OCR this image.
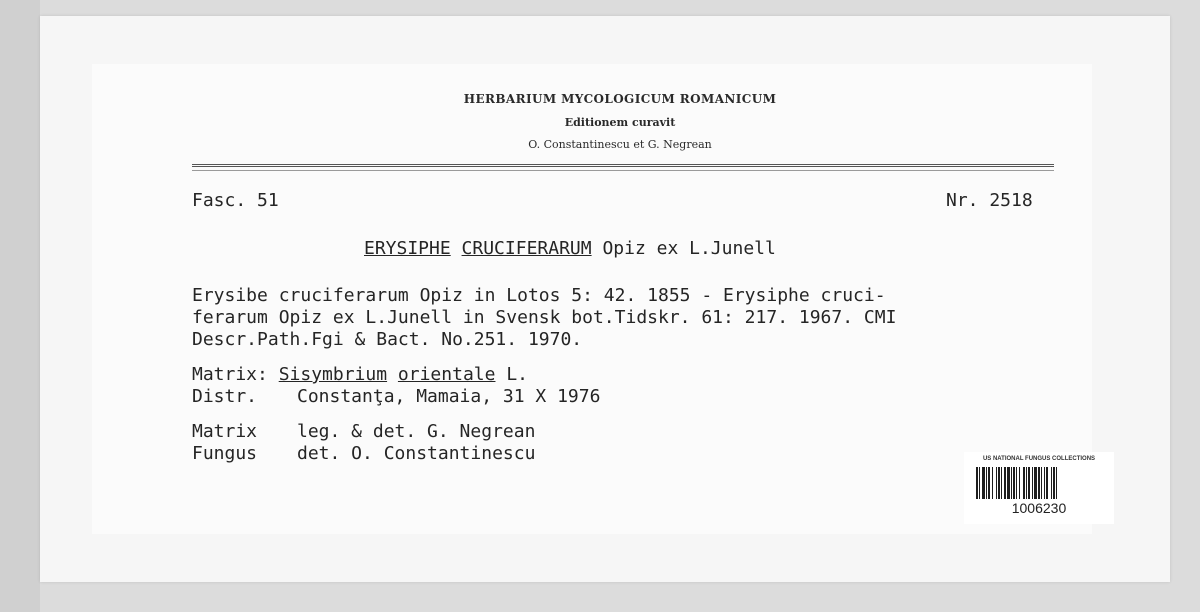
HERBARIUM MYCOLOGICUM ROMANICUM
Editionem curavit
O. Constantinescu et G. Negrean
Fasc. 51	Nr. 2518
ERYSIPHE CRUCIFERARUM Opiz ex L.Junell
Erysibe cruciferarum Opiz in Lotos 5: 42. 1855 - Erysiphe cruci-
ferarum Opiz ex L.Junell in Svensk bot.Tidskr. 61: 217. 1967. CMI
Descr.Path.Fgi & Bact. No.251. 1970.
Matrix: Sisymbrium orientale L.
Distr. Constanţa, Mamaia, 31 X 1976
Matrix leg. & det. G. Negrean
Fungus det. O. Constantinescu	US NATIONAL FUNGUS COLLECTIONS
1006230
